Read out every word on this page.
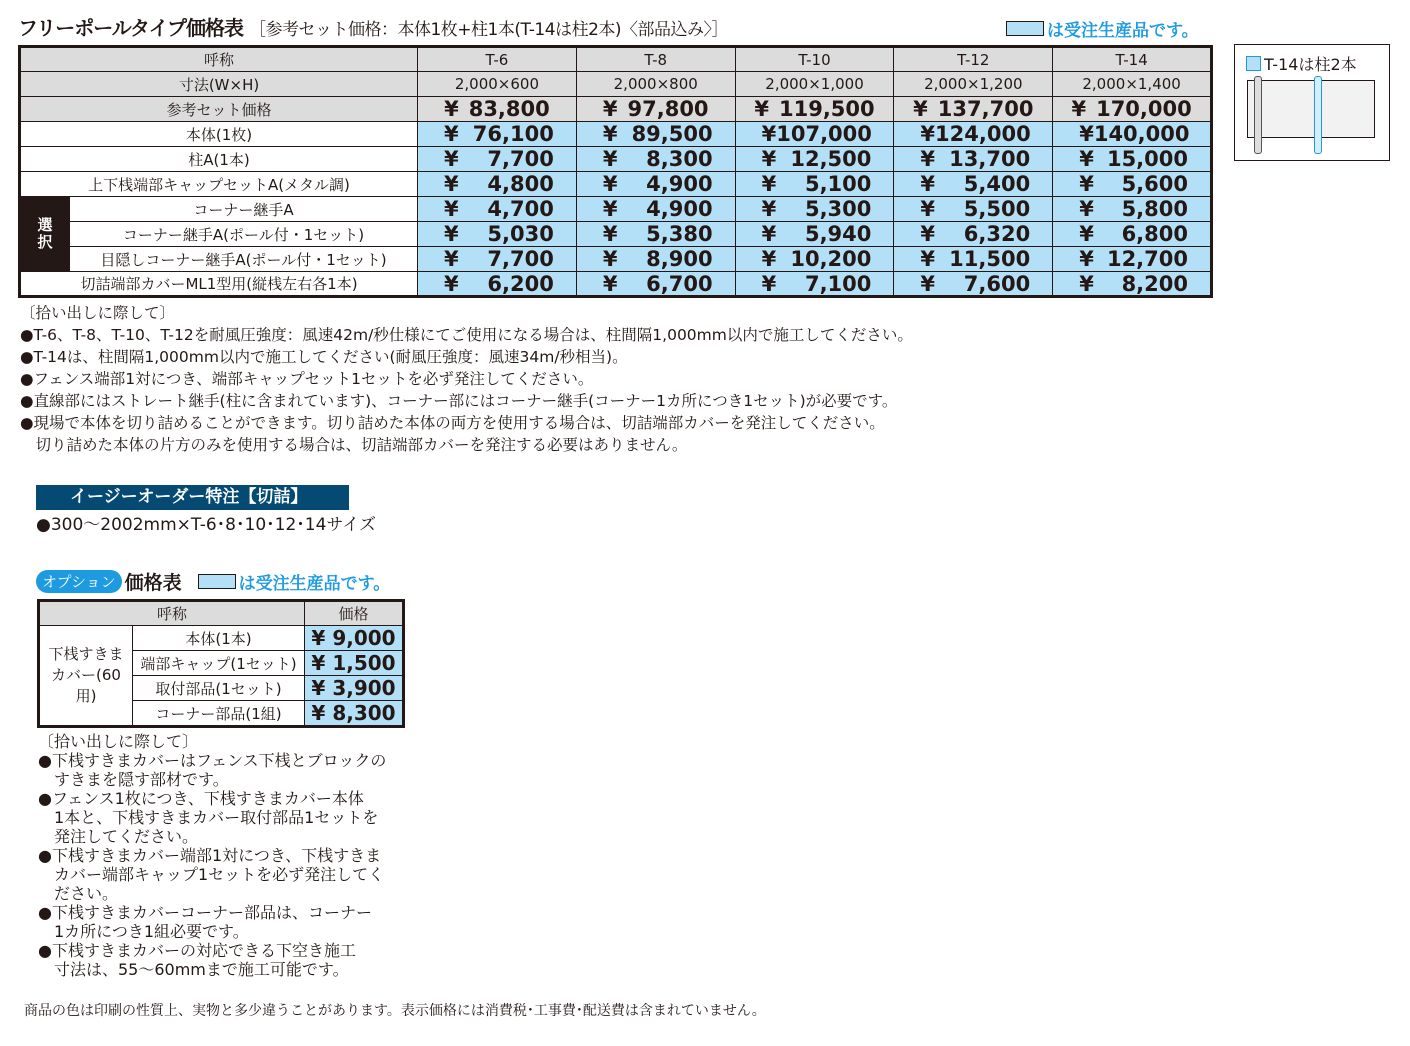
フリーポールタイプ価格表 ［参考セット価格：本体1枚+柱1本(T-14は柱2本)〈部品込み〉］	は受注生産品です。
呼称		T-6	T-8	T-10	T-12	T-14
寸法(W×H)		2,000×600	2,000×800	2,000×1,000	2,000×1,200	2,000×1,400
参考セット価格		¥ 83,800	¥ 97,800	¥ 119,500	¥ 137,700	¥ 170,000

本体(1枚)		¥ 76,100	¥ 89,500	¥ 107,000	¥ 124,000	¥ 140,000

柱A(1本)		¥ 7,700	¥ 8,300	¥ 12,500	¥ 13,700	¥ 15,000

上下桟端部キャップセットA(メタル調)		¥ 4,800	¥ 4,900	¥ 5,100	¥ 5,400	¥ 5,600

選択	コーナー継手A	¥ 4,700	¥ 4,900	¥ 5,300	¥ 5,500	¥ 5,800

	コーナー継手A(ポール付・1セット)	¥ 5,030	¥ 5,380	¥ 5,940	¥ 6,320	¥ 6,800

	目隠しコーナー継手A(ポール付・1セット)	¥ 7,700	¥ 8,900	¥ 10,200	¥ 11,500	¥ 12,700

切詰端部カバーML1型用(縦桟左右各1本)		¥ 6,200	¥ 6,700	¥ 7,100	¥ 7,600	¥ 8,200
T-14は柱2本
〔拾い出しに際して〕
●T-6、T-8、T-10、T-12を耐風圧強度：風速42m/秒仕様にてご使用になる場合は、柱間隔1,000mm以内で施工してください。
●T-14は、柱間隔1,000mm以内で施工してください(耐風圧強度：風速34m/秒相当)。
●フェンス端部1対につき、端部キャップセット1セットを必ず発注してください。
●直線部にはストレート継手(柱に含まれています)、コーナー部にはコーナー継手(コーナー1カ所につき1セット)が必要です。
●現場で本体を切り詰めることができます。切り詰めた本体の両方を使用する場合は、切詰端部カバーを発注してください。
　切り詰めた本体の片方のみを使用する場合は、切詰端部カバーを発注する必要はありません。
イージーオーダー特注【切詰】
●300～2002mm×T-6･8･10･12･14サイズ
オプション 価格表	は受注生産品です。
呼称		価格
下桟すきまカバー(60用)	本体(1本)	¥ 9,000
	端部キャップ(1セット)	¥ 1,500
	取付部品(1セット)	¥ 3,900
	コーナー部品(1組)	¥ 8,300
〔拾い出しに際して〕
●下桟すきまカバーはフェンス下桟とブロックの
　すきまを隠す部材です。
●フェンス1枚につき、下桟すきまカバー本体
　1本と、下桟すきまカバー取付部品1セットを
　発注してください。
●下桟すきまカバー端部1対につき、下桟すきま
　カバー端部キャップ1セットを必ず発注してく
　ださい。
●下桟すきまカバーコーナー部品は、コーナー
　1カ所につき1組必要です。
●下桟すきまカバーの対応できる下空き施工
　寸法は、55～60mmまで施工可能です。
商品の色は印刷の性質上、実物と多少違うことがあります。表示価格には消費税･工事費･配送費は含まれていません。
